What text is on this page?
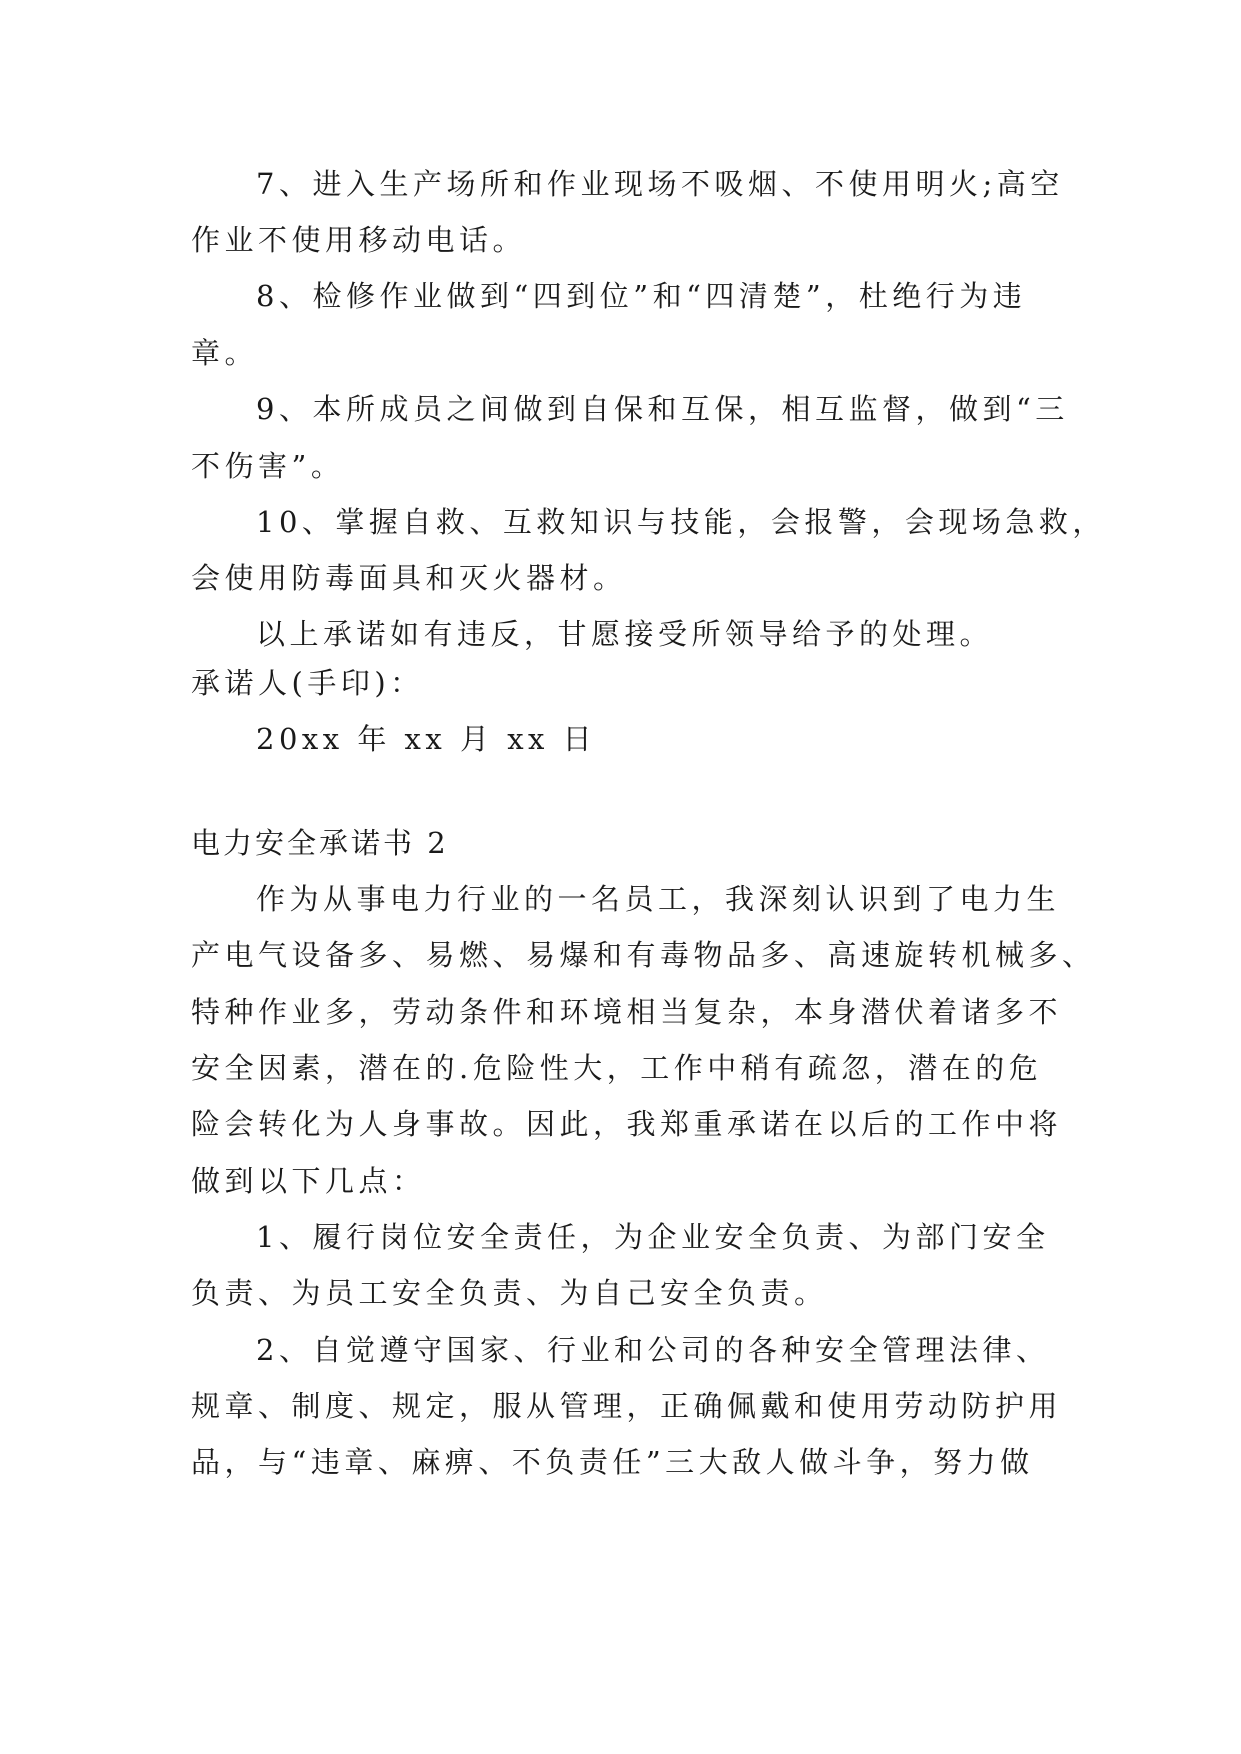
7、进入生产场所和作业现场不吸烟、不使用明火;高空
作业不使用移动电话。
8、检修作业做到“四到位”和“四清楚”，杜绝行为违
章。
9、本所成员之间做到自保和互保，相互监督，做到“三
不伤害”。
10、掌握自救、互救知识与技能，会报警，会现场急救，
会使用防毒面具和灭火器材。
以上承诺如有违反，甘愿接受所领导给予的处理。
承诺人(手印)：
20xx 年 xx 月 xx 日
电力安全承诺书 2
作为从事电力行业的一名员工，我深刻认识到了电力生
产电气设备多、易燃、易爆和有毒物品多、高速旋转机械多、
特种作业多，劳动条件和环境相当复杂，本身潜伏着诸多不
安全因素，潜在的.危险性大，工作中稍有疏忽，潜在的危
险会转化为人身事故。因此，我郑重承诺在以后的工作中将
做到以下几点：
1、履行岗位安全责任，为企业安全负责、为部门安全
负责、为员工安全负责、为自己安全负责。
2、自觉遵守国家、行业和公司的各种安全管理法律、
规章、制度、规定，服从管理，正确佩戴和使用劳动防护用
品，与“违章、麻痹、不负责任”三大敌人做斗争，努力做
